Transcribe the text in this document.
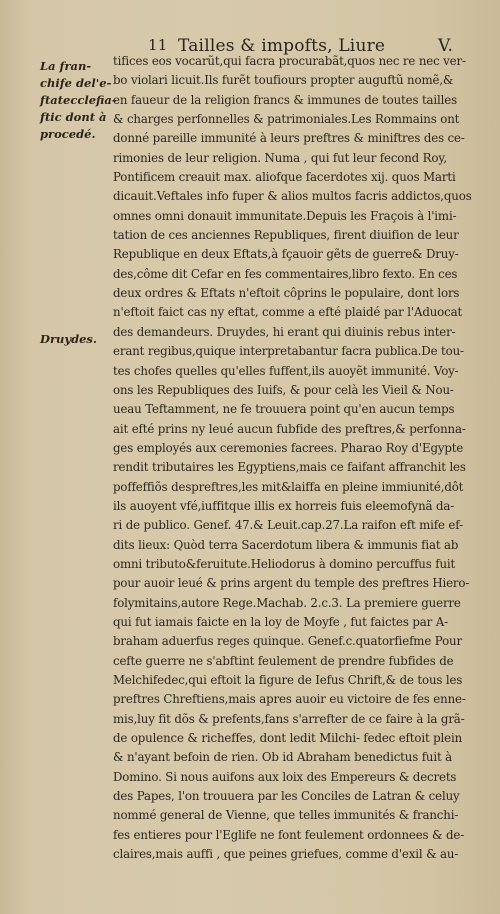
11 Tailles & impofts, Liure	V.
La fran-
chife del'e-
ftatecclefia-
ftic dont à
procedé.
Druydes.
tifices eos vocarũt,qui facra procurabãt,quos nec re nec ver-
bo violari licuit.Ils furẽt toufiours propter auguftũ nomẽ,&
en faueur de la religion francs & immunes de toutes tailles
& charges perfonnelles & patrimoniales.Les Rommains ont
donné pareille immunité à leurs preftres & miniftres des ce-
rimonies de leur religion. Numa , qui fut leur fecond Roy,
Pontificem creauit max. aliofque facerdotes xij. quos Marti
dicauit.Veftales info fuper & alios multos facris addictos,quos
omnes omni donauit immunitate.Depuis les Fraçois à l'imi-
tation de ces anciennes Republiques, firent diuifion de leur
Republique en deux Eftats,à fçauoir gẽts de guerre& Druy-
des,côme dit Cefar en fes commentaires,libro fexto. En ces
deux ordres & Eftats n'eftoit côprins le populaire, dont lors
n'eftoit faict cas ny eftat, comme a efté plaidé par l'Aduocat
des demandeurs. Druydes, hi erant qui diuinis rebus inter-
erant regibus,quique interpretabantur facra publica.De tou-
tes chofes quelles qu'elles fuffent,ils auoyẽt immunité. Voy-
ons les Republiques des Iuifs, & pour celà les Vieil & Nou-
ueau Teftamment, ne fe trouuera point qu'en aucun temps
ait efté prins ny leué aucun fubfide des preftres,& perfonna-
ges employés aux ceremonies facrees. Pharao Roy d'Egypte
rendit tributaires les Egyptiens,mais ce faifant affranchit les
poffeffiõs despreftres,les mit&laiffa en pleine immiunité,dôt
ils auoyent vfé,iuffitque illis ex horreis fuis eleemofynã da-
ri de publico. Genef. 47.& Leuit.cap.27.La raifon eft mife ef-
dits lieux: Quòd terra Sacerdotum libera & immunis fiat ab
omni tributo&feruitute.Heliodorus à domino percuffus fuit
pour auoir leué & prins argent du temple des preftres Hiero-
folymitains,autore Rege.Machab. 2.c.3. La premiere guerre
qui fut iamais faicte en la loy de Moyfe , fut faictes par A-
braham aduerfus reges quinque. Genef.c.quatorfiefme Pour
cefte guerre ne s'abftint feulement de prendre fubfides de
Melchifedec,qui eftoit la figure de Iefus Chrift,& de tous les
preftres Chreftiens,mais apres auoir eu victoire de fes enne-
mis,luy fit dõs & prefents,fans s'arrefter de ce faire à la grã-
de opulence & richeffes, dont ledit Milchi- fedec eftoit plein
& n'ayant befoin de rien. Ob id Abraham benedictus fuit à
Domino. Si nous auifons aux loix des Empereurs & decrets
des Papes, l'on trouuera par les Conciles de Latran & celuy
nommé general de Vienne, que telles immunités & franchi-
fes entieres pour l'Eglife ne font feulement ordonnees & de-
claires,mais auffi , que peines griefues, comme d'exil & au-
